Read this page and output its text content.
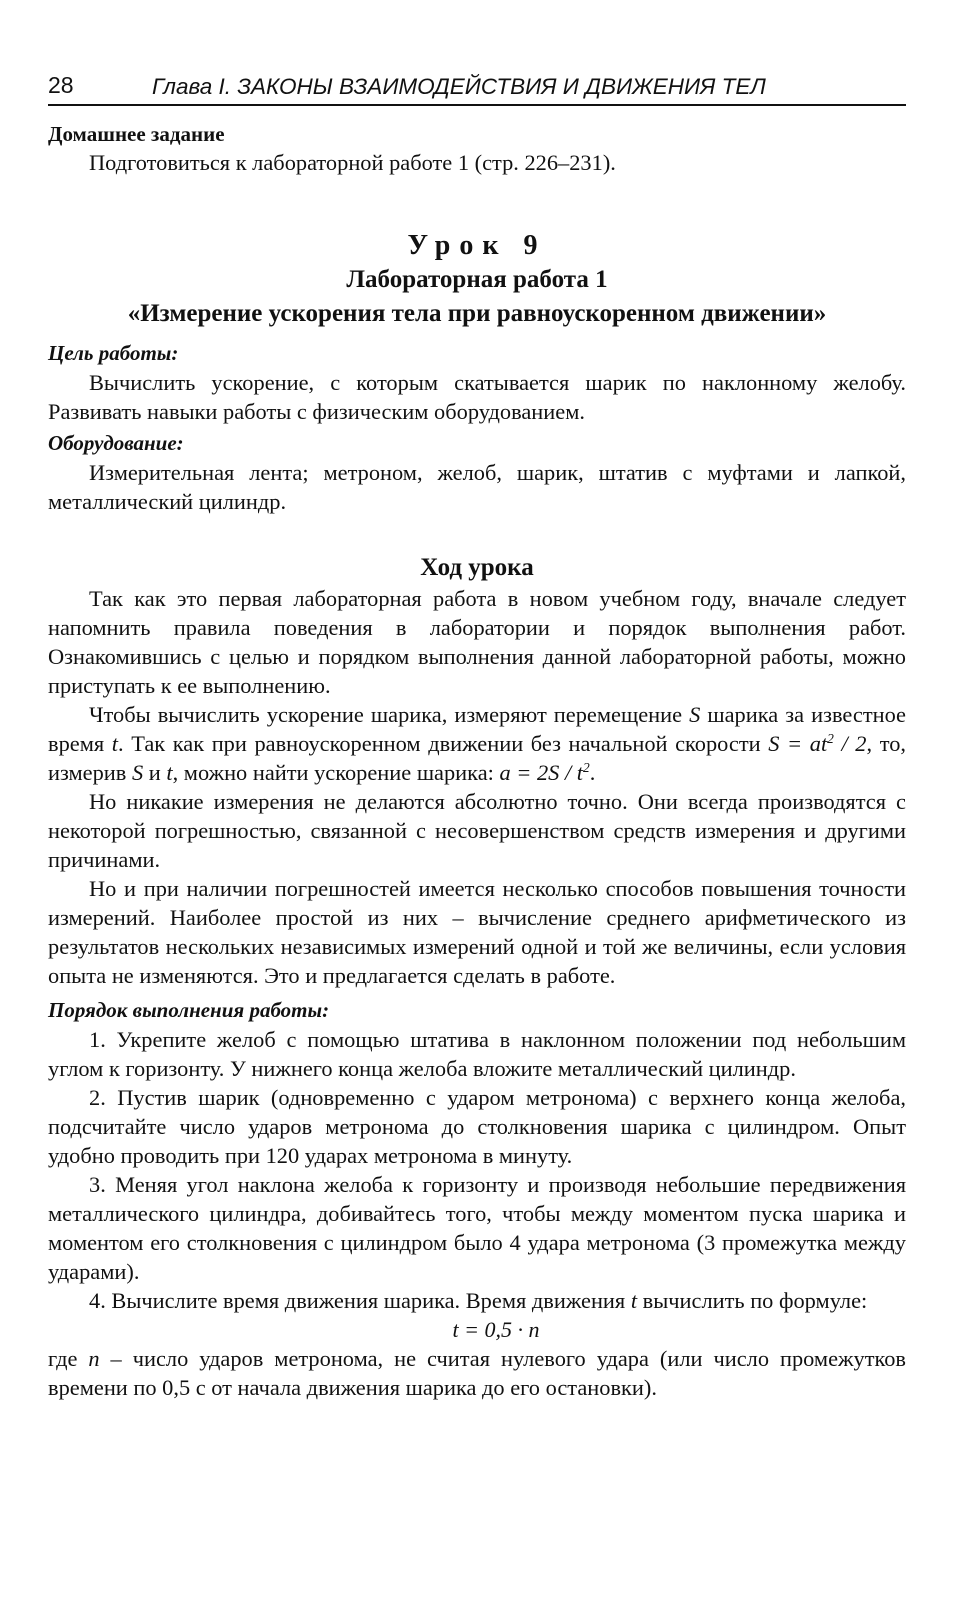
28	Глава I. ЗАКОНЫ ВЗАИМОДЕЙСТВИЯ И ДВИЖЕНИЯ ТЕЛ
Домашнее задание

Подготовиться к лабораторной работе 1 (стр. 226–231).

Урок 9
Лабораторная работа 1
«Измерение ускорения тела при равноускоренном движении»
Цель работы:

Вычислить ускорение, с которым скатывается шарик по наклонному желобу. Развивать навыки работы с физическим оборудованием.

Оборудование:

Измерительная лента; метроном, желоб, шарик, штатив с муфтами и лапкой, металлический цилиндр.

Ход урока

Так как это первая лабораторная работа в новом учебном году, вначале следует напомнить правила поведения в лаборатории и порядок выполнения работ. Ознакомившись с целью и порядком выполнения данной лабораторной работы, можно приступать к ее выполнению.

Чтобы вычислить ускорение шарика, измеряют перемещение S шарика за известное время t. Так как при равноускоренном движении без начальной скорости $S = at^2 / 2$, то, измерив S и t, можно найти ускорение шарика: $a = 2S / t^2$.

Но никакие измерения не делаются абсолютно точно. Они всегда производятся с некоторой погрешностью, связанной с несовершенством средств измерения и другими причинами.

Но и при наличии погрешностей имеется несколько способов повышения точности измерений. Наиболее простой из них – вычисление среднего арифметического из результатов нескольких независимых измерений одной и той же величины, если условия опыта не изменяются. Это и предлагается сделать в работе.

Порядок выполнения работы:

1. Укрепите желоб с помощью штатива в наклонном положении под небольшим углом к горизонту. У нижнего конца желоба вложите металлический цилиндр.

2. Пустив шарик (одновременно с ударом метронома) с верхнего конца желоба, подсчитайте число ударов метронома до столкновения шарика с цилиндром. Опыт удобно проводить при 120 ударах метронома в минуту.

3. Меняя угол наклона желоба к горизонту и производя небольшие передвижения металлического цилиндра, добивайтесь того, чтобы между моментом пуска шарика и моментом его столкновения с цилиндром было 4 удара метронома (3 промежутка между ударами).

4. Вычислите время движения шарика. Время движения t вычислить по формуле:

t = 0,5 · n

где n – число ударов метронома, не считая нулевого удара (или число промежутков времени по 0,5 с от начала движения шарика до его остановки).
